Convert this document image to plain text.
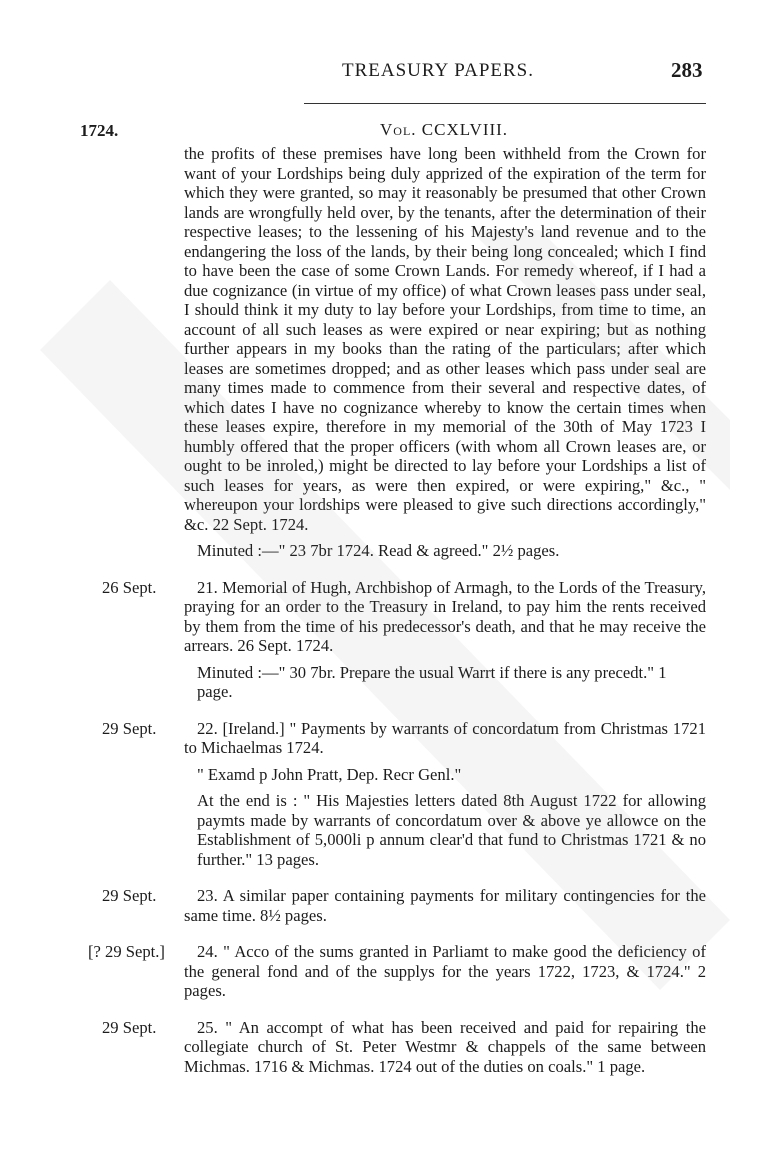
TREASURY PAPERS.	283
1724.	Vol. CCXLVIII.

the profits of these premises have long been withheld from the Crown for want of your Lordships being duly apprized of the expiration of the term for which they were granted, so may it reasonably be presumed that other Crown lands are wrongfully held over, by the tenants, after the determination of their respective leases; to the lessening of his Majesty's land revenue and to the endangering the loss of the lands, by their being long concealed; which I find to have been the case of some Crown Lands. For remedy whereof, if I had a due cognizance (in virtue of my office) of what Crown leases pass under seal, I should think it my duty to lay before your Lordships, from time to time, an account of all such leases as were expired or near expiring; but as nothing further appears in my books than the rating of the particulars; after which leases are sometimes dropped; and as other leases which pass under seal are many times made to commence from their several and respective dates, of which dates I have no cognizance whereby to know the certain times when these leases expire, therefore in my memorial of the 30th of May 1723 I humbly offered that the proper officers (with whom all Crown leases are, or ought to be inroled,) might be directed to lay before your Lordships a list of such leases for years, as were then expired, or were expiring," &c., " whereupon your lordships were pleased to give such directions accordingly," &c. 22 Sept. 1724.

Minuted :—" 23 7br 1724. Read & agreed." 2½ pages.

26 Sept.	21. Memorial of Hugh, Archbishop of Armagh, to the Lords of the Treasury, praying for an order to the Treasury in Ireland, to pay him the rents received by them from the time of his predecessor's death, and that he may receive the arrears. 26 Sept. 1724.

Minuted :—" 30 7br. Prepare the usual Warrt if there is any precedt." 1 page.

29 Sept.	22. [Ireland.] " Payments by warrants of concordatum from Christmas 1721 to Michaelmas 1724.

" Examd p John Pratt, Dep. Recr Genl."

At the end is : " His Majesties letters dated 8th August 1722 for allowing paymts made by warrants of concordatum over & above ye allowce on the Establishment of 5,000li p annum clear'd that fund to Christmas 1721 & no further." 13 pages.

29 Sept.	23. A similar paper containing payments for military contingencies for the same time. 8½ pages.

[? 29 Sept.]	24. " Acco of the sums granted in Parliamt to make good the deficiency of the general fond and of the supplys for the years 1722, 1723, & 1724." 2 pages.

29 Sept.	25. " An accompt of what has been received and paid for repairing the collegiate church of St. Peter Westmr & chappels of the same between Michmas. 1716 & Michmas. 1724 out of the duties on coals." 1 page.
